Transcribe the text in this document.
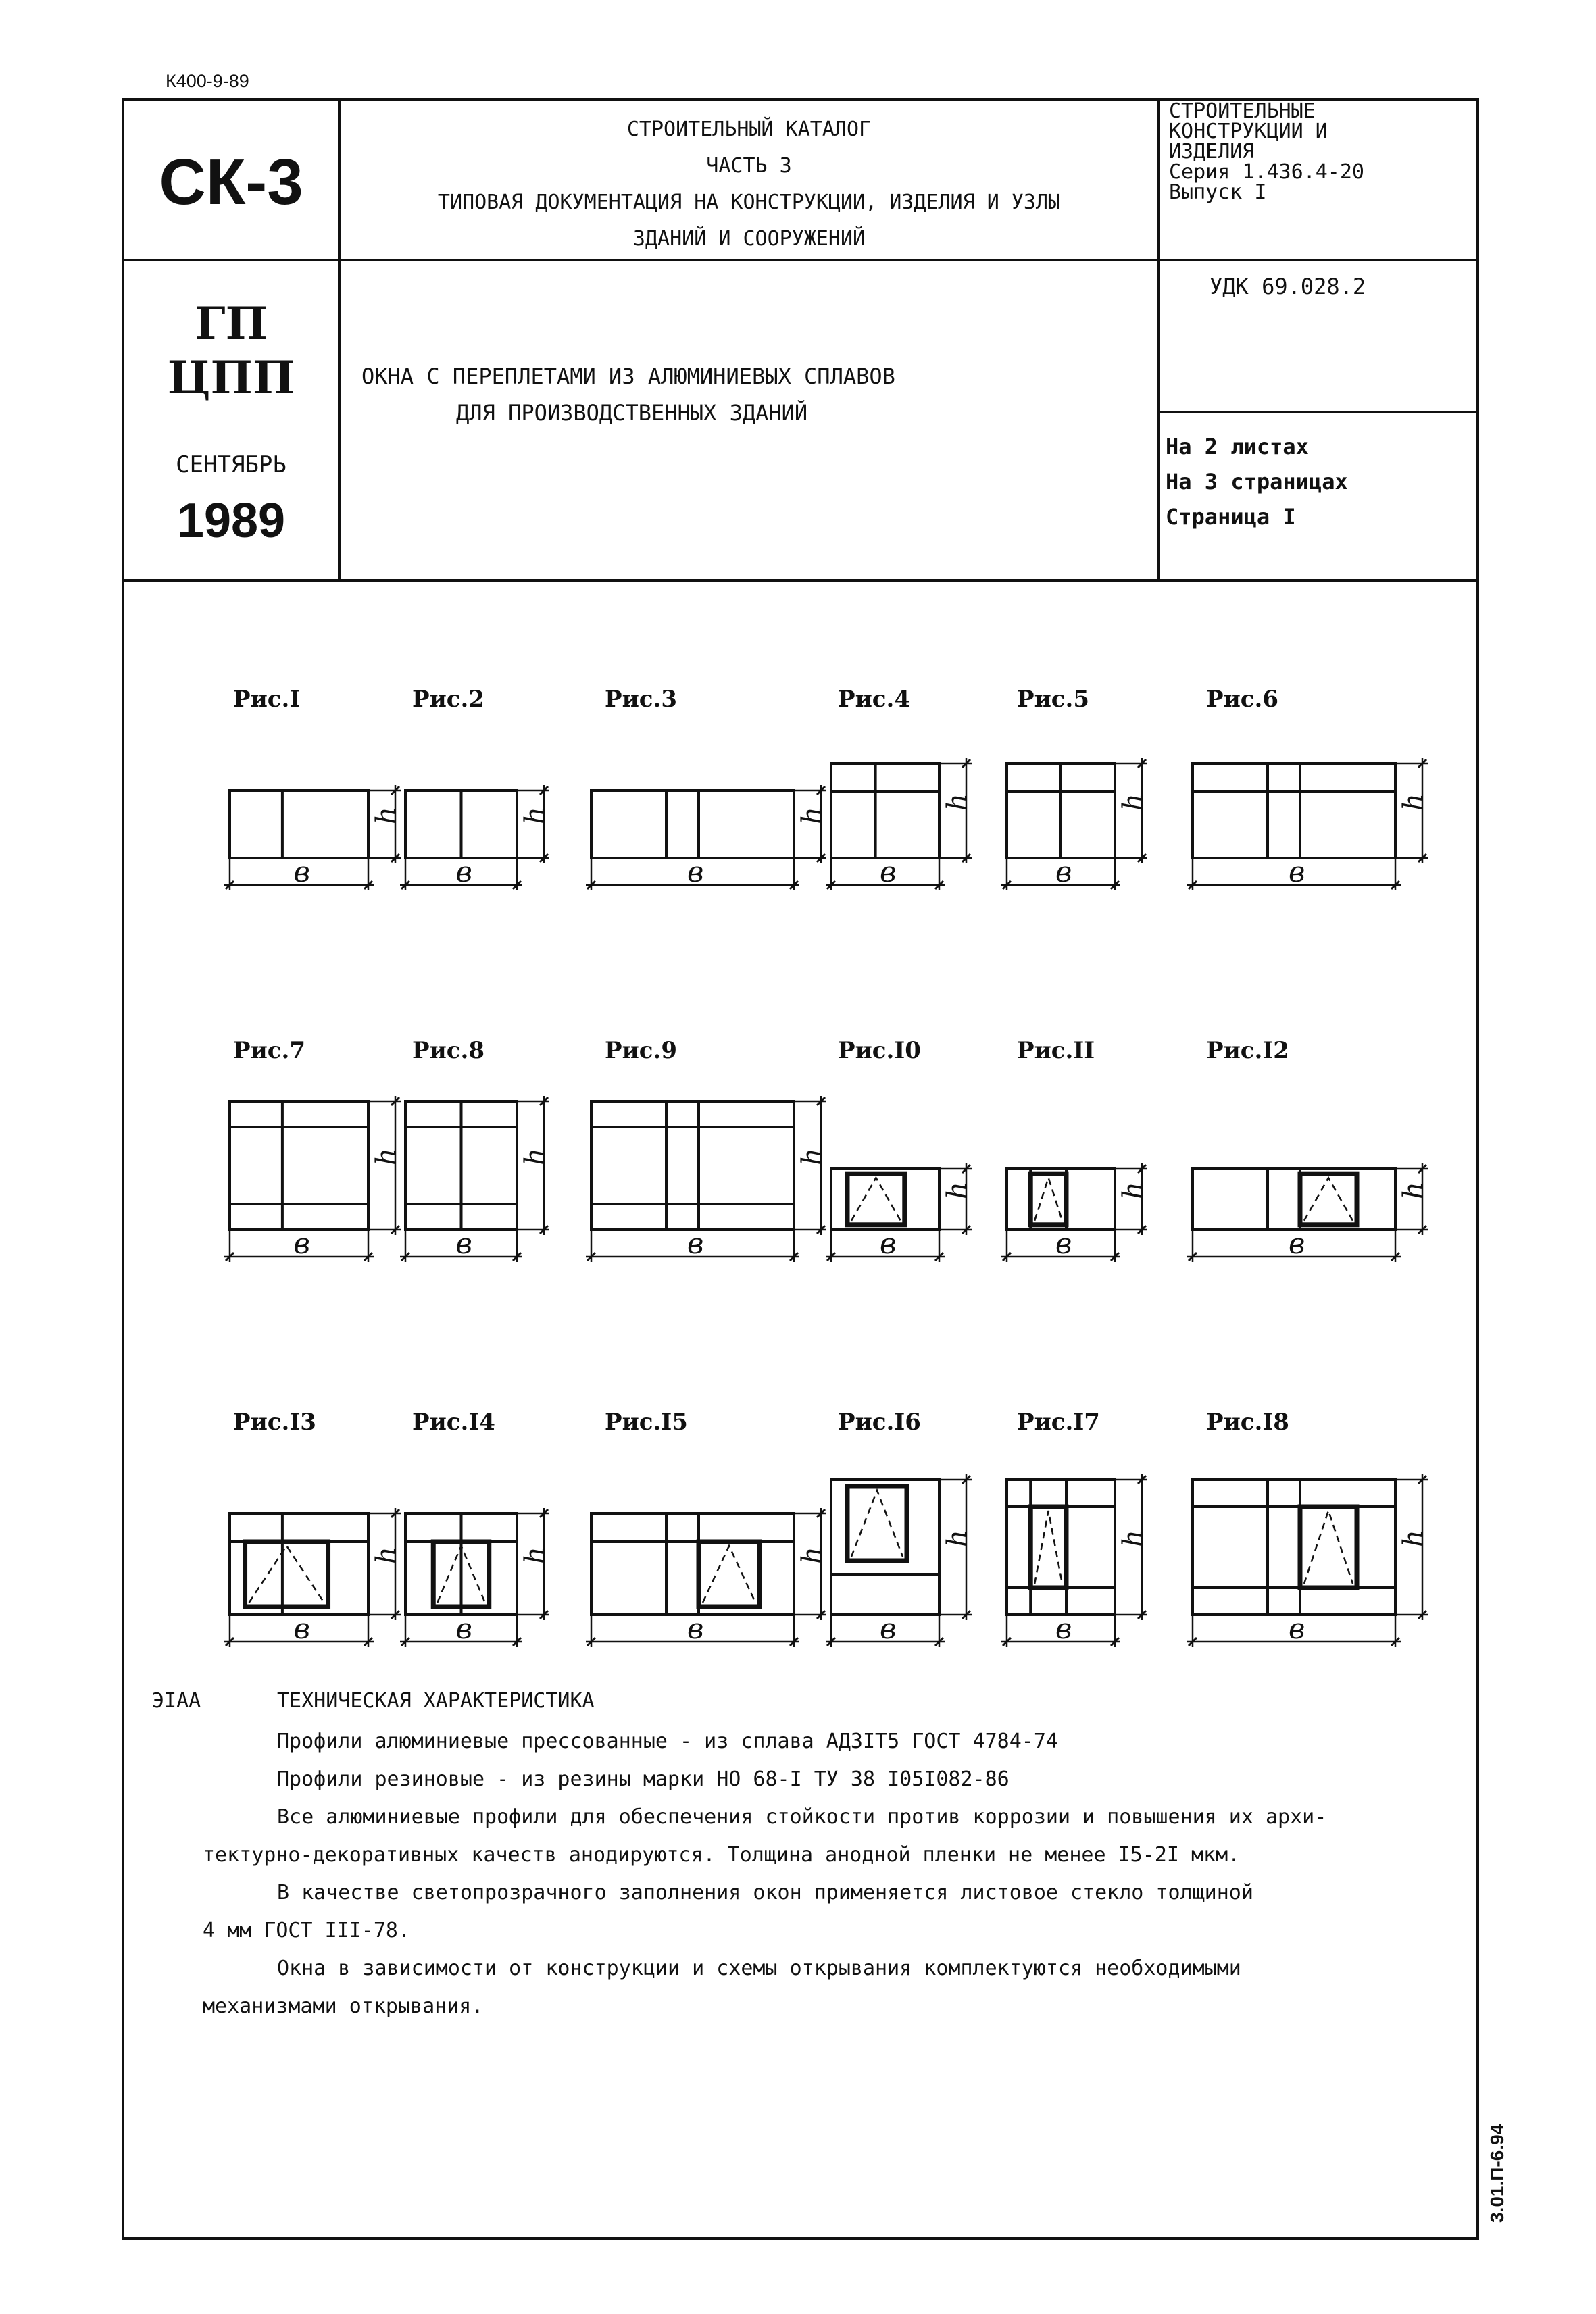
К400-9-89
СК-3
ГП
ЦПП
СЕНТЯБРЬ
1989
СТРОИТЕЛЬНЫЙ КАТАЛОГ
ЧАСТЬ 3
ТИПОВАЯ ДОКУМЕНТАЦИЯ НА КОНСТРУКЦИИ, ИЗДЕЛИЯ И УЗЛЫ
ЗДАНИЙ И СООРУЖЕНИЙ
ОКНА С ПЕРЕПЛЕТАМИ ИЗ АЛЮМИНИЕВЫХ СПЛАВОВ
ДЛЯ ПРОИЗВОДСТВЕННЫХ ЗДАНИЙ
СТРОИТЕЛЬНЫЕ
КОНСТРУКЦИИ И
ИЗДЕЛИЯ
Серия 1.436.4-20
Выпуск I
УДК 69.028.2
На 2 листах
На 3 страницах
Страница I
Рис.I
в
h
Рис.2
в
h
Рис.3
в
h
Рис.4
в
h
Рис.5
в
h
Рис.6
в
h
Рис.7
в
h
Рис.8
в
h
Рис.9
в
h
Рис.I0
в
h
Рис.II
в
h
Рис.I2
в
h
Рис.I3
в
h
Рис.I4
в
h
Рис.I5
в
h
Рис.I6
в
h
Рис.I7
в
h
Рис.I8
в
h
ЭIАА	ТЕХНИЧЕСКАЯ ХАРАКТЕРИСТИКА
Профили алюминиевые прессованные - из сплава АДЗIТ5 ГОСТ 4784-74
Профили резиновые - из резины марки НО 68-I ТУ 38 I05I082-86
Все алюминиевые профили для обеспечения стойкости против коррозии и повышения их архи-
тектурно-декоративных качеств анодируются. Толщина анодной пленки не менее I5-2I мкм.
В качестве светопрозрачного заполнения окон применяется листовое стекло толщиной
4 мм ГОСТ III-78.
Окна в зависимости от конструкции и схемы открывания комплектуются необходимыми
механизмами открывания.
3.01.П-6.94
